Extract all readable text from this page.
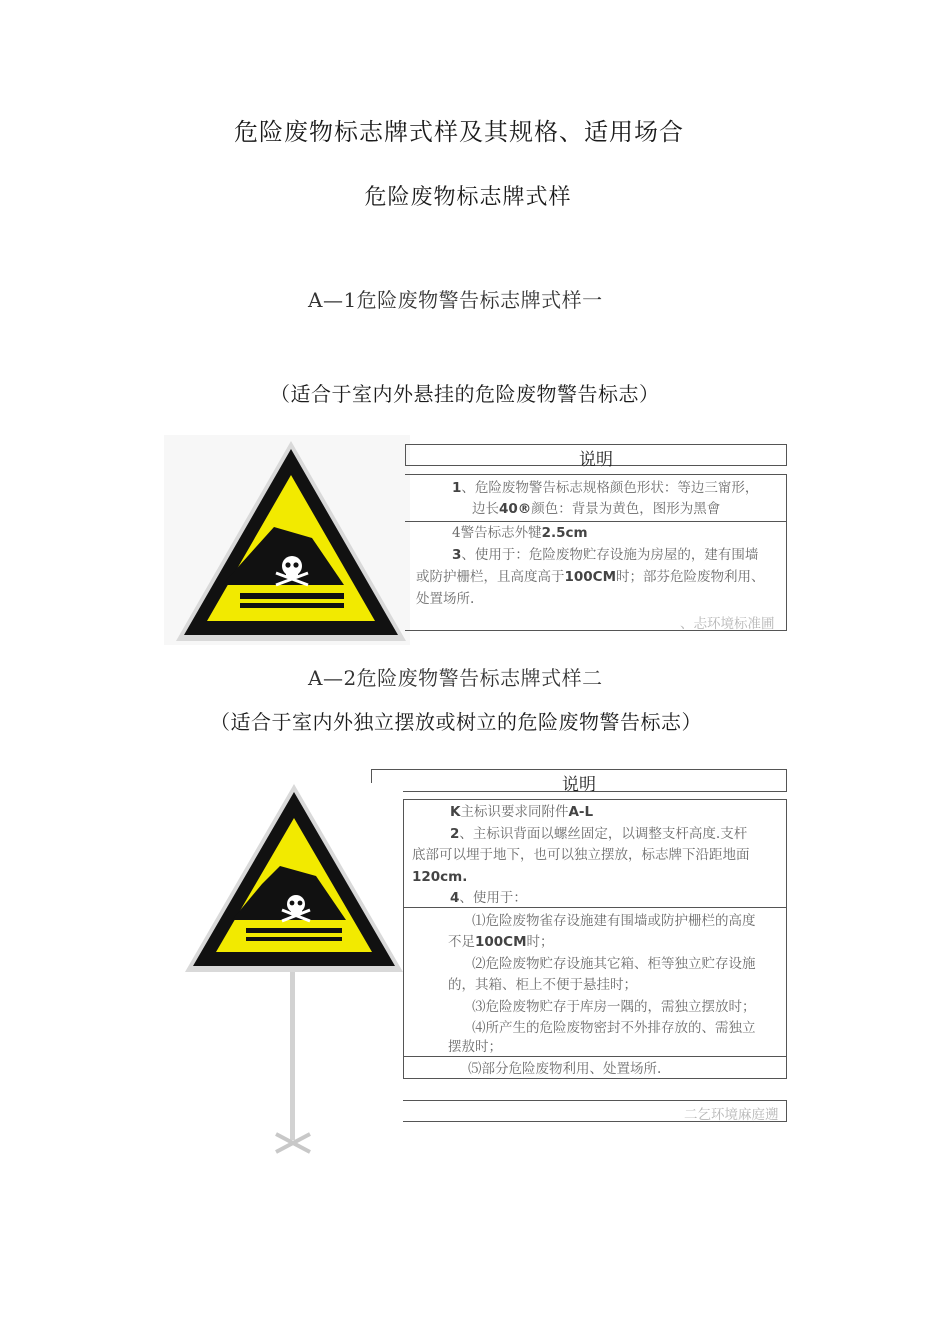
危险废物标志牌式样及其规格、适用场合
危险废物标志牌式样
A—1危险废物警告标志牌式样一
（适合于室内外悬挂的危险废物警告标志）
说明
1、危险废物警告标志规格颜色形状：等边三甯形，
边长40®颜色：背景为黄色，图形为黑會
4警告标志外犍2.5cm
3、使用于：危险废物贮存设施为房屋的，建有围墙
或防护栅栏，且高度高于100CM时；部芬危险废物利用、
处置场所.
、忐环境标准圃
A—2危险废物警告标志牌式样二
（适合于室内外独立摆放或树立的危险废物警告标志）
说明
K主标识要求同附件A-L
2、主标识背面以螺丝固定，以调整支杆高度.支杆
底部可以埋于地下，也可以独立摆放，标志牌下沿距地面
120cm.
4、使用于：
⑴危险废物雀存设施建有围墙或防护栅栏的高度
不足100CM时；
⑵危险废物贮存设施其它箱、柜等独立贮存设施
的，其箱、柜上不便于悬挂时；
⑶危险废物贮存于库房一隅的，需独立摆放时；
⑷所产生的危险废物密封不外排存放的、需独立
摆敖时；
⑸部分危险废物利用、处置场所.
二乞环境麻庭遡
